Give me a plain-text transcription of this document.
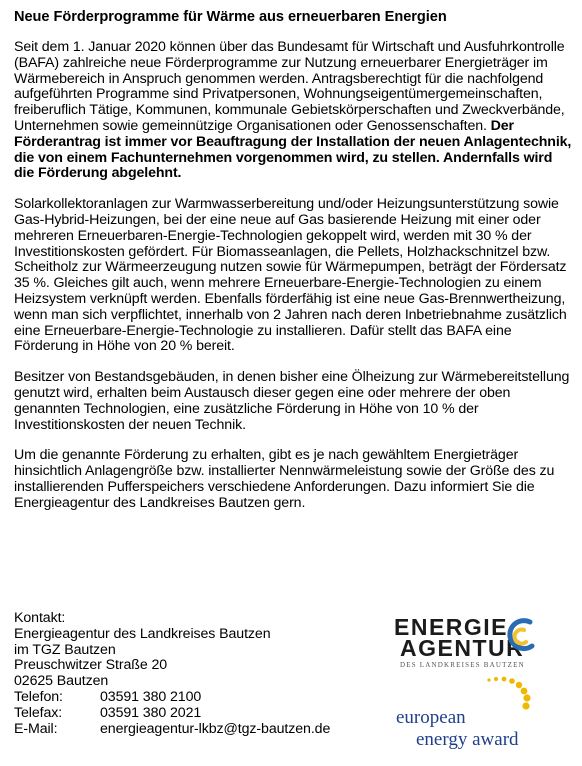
Neue Förderprogramme für Wärme aus erneuerbaren Energien

Seit dem 1. Januar 2020 können über das Bundesamt für Wirtschaft und Ausfuhrkontrolle (BAFA) zahlreiche neue Förderprogramme zur Nutzung erneuerbarer Energieträger im Wärmebereich in Anspruch genommen werden. Antragsberechtigt für die nachfolgend aufgeführten Programme sind Privatpersonen, Wohnungseigentümergemeinschaften, freiberuflich Tätige, Kommunen, kommunale Gebietskörperschaften und Zweckverbände, Unternehmen sowie gemeinnützige Organisationen oder Genossenschaften. Der Förderantrag ist immer vor Beauftragung der Installation der neuen Anlagentechnik, die von einem Fachunternehmen vorgenommen wird, zu stellen. Andernfalls wird die Förderung abgelehnt.

Solarkollektoranlagen zur Warmwasserbereitung und/oder Heizungsunterstützung sowie Gas-Hybrid-Heizungen, bei der eine neue auf Gas basierende Heizung mit einer oder mehreren Erneuerbaren-Energie-Technologien gekoppelt wird, werden mit 30 % der Investitionskosten gefördert. Für Biomasseanlagen, die Pellets, Holzhackschnitzel bzw. Scheitholz zur Wärmeerzeugung nutzen sowie für Wärmepumpen, beträgt der Fördersatz 35 %. Gleiches gilt auch, wenn mehrere Erneuerbare-Energie-Technologien zu einem Heizsystem verknüpft werden. Ebenfalls förderfähig ist eine neue Gas-Brennwertheizung, wenn man sich verpflichtet, innerhalb von 2 Jahren nach deren Inbetriebnahme zusätzlich eine Erneuerbare-Energie-Technologie zu installieren. Dafür stellt das BAFA eine Förderung in Höhe von 20 % bereit.

Besitzer von Bestandsgebäuden, in denen bisher eine Ölheizung zur Wärmebereitstellung genutzt wird, erhalten beim Austausch dieser gegen eine oder mehrere der oben genannten Technologien, eine zusätzliche Förderung in Höhe von 10 % der Investitionskosten der neuen Technik.

Um die genannte Förderung zu erhalten, gibt es je nach gewähltem Energieträger hinsichtlich Anlagengröße bzw. installierter Nennwärmeleistung sowie der Größe des zu installierenden Pufferspeichers verschiedene Anforderungen. Dazu informiert Sie die Energieagentur des Landkreises Bautzen gern.

Kontakt:
Energieagentur des Landkreises Bautzen
im TGZ Bautzen
Preuschwitzer Straße 20
02625 Bautzen
Telefon:	03591 380 2100
Telefax:	03591 380 2021
E-Mail:	energieagentur-lkbz@tgz-bautzen.de
ENERGIE
AGENTUR
DES LANDKREISES BAUTZEN
european
energy award
